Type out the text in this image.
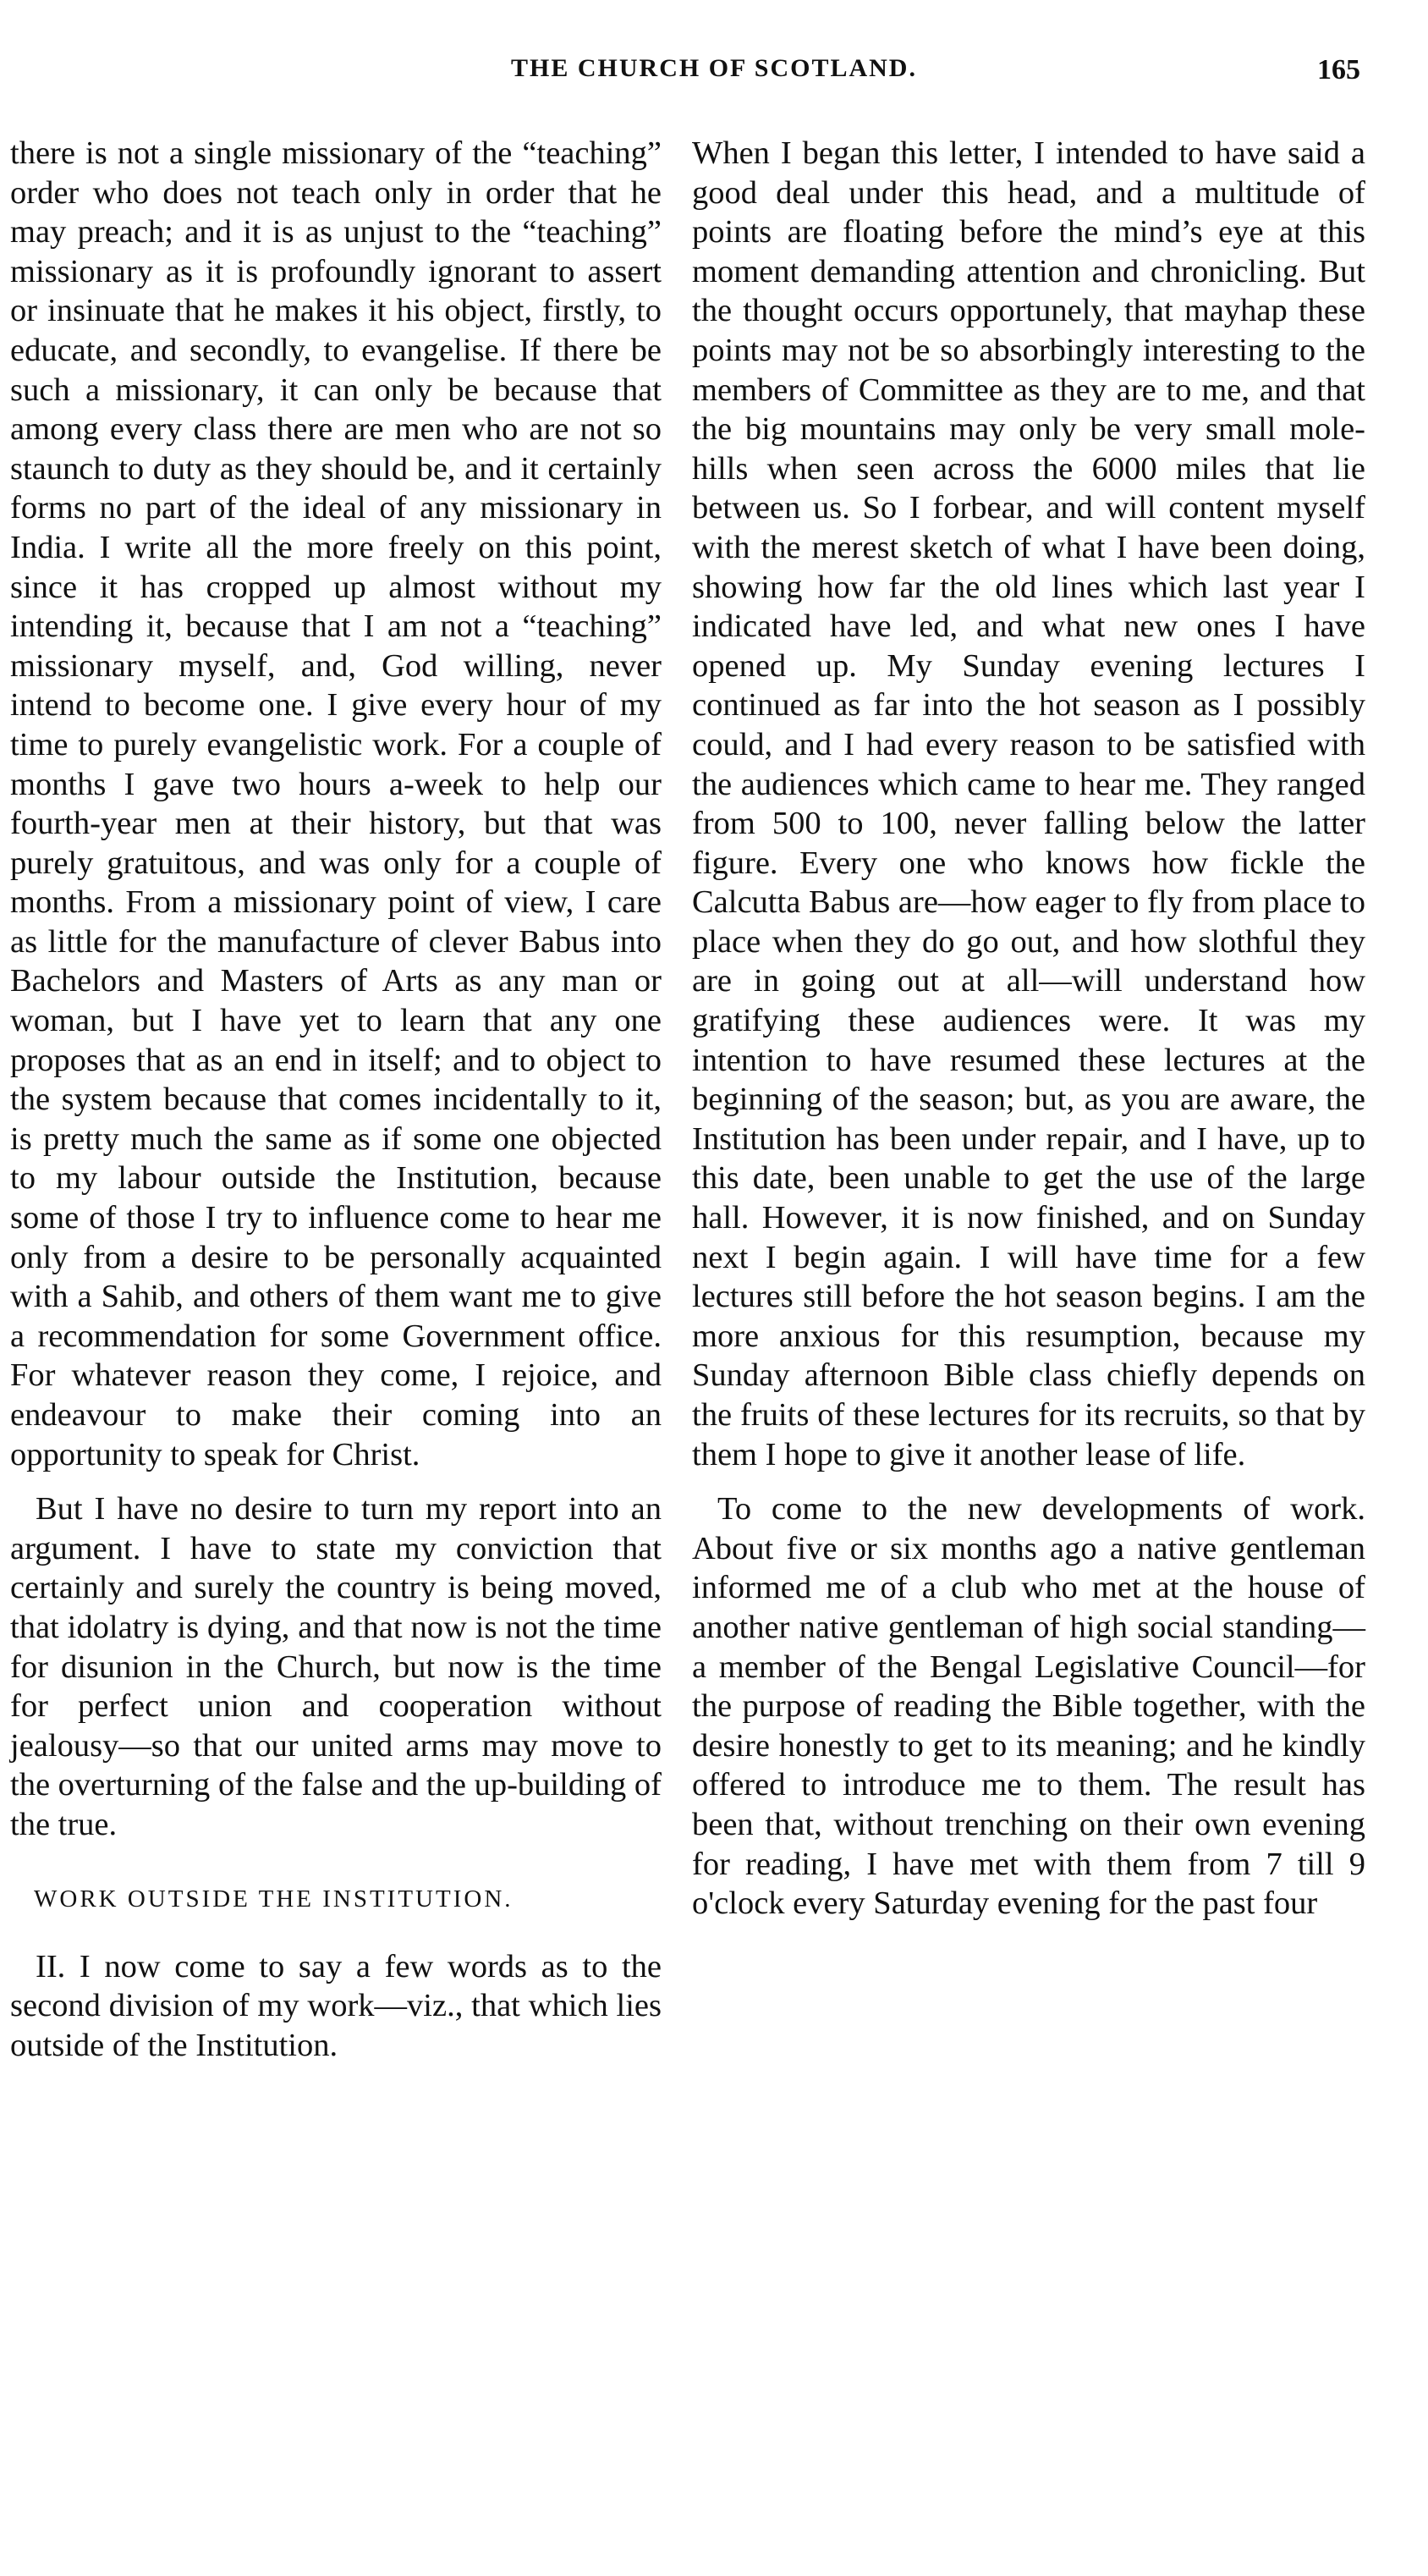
THE CHURCH OF SCOTLAND.	165

there is not a single missionary of the “teaching” order who does not teach only in order that he may preach; and it is as unjust to the “teaching” missionary as it is profoundly ignorant to assert or insinuate that he makes it his object, firstly, to educate, and secondly, to evangelise. If there be such a missionary, it can only be because that among every class there are men who are not so staunch to duty as they should be, and it certainly forms no part of the ideal of any missionary in India. I write all the more freely on this point, since it has cropped up almost without my intending it, because that I am not a “teaching” missionary myself, and, God willing, never intend to become one. I give every hour of my time to purely evangelistic work. For a couple of months I gave two hours a-week to help our fourth-year men at their history, but that was purely gratuitous, and was only for a couple of months. From a missionary point of view, I care as little for the manufacture of clever Babus into Bachelors and Masters of Arts as any man or woman, but I have yet to learn that any one proposes that as an end in itself; and to object to the system because that comes incidentally to it, is pretty much the same as if some one objected to my labour outside the Institution, because some of those I try to influence come to hear me only from a desire to be personally acquainted with a Sahib, and others of them want me to give a recommendation for some Government office. For whatever reason they come, I rejoice, and endeavour to make their coming into an opportunity to speak for Christ.

But I have no desire to turn my report into an argument. I have to state my conviction that certainly and surely the country is being moved, that idolatry is dying, and that now is not the time for disunion in the Church, but now is the time for perfect union and cooperation without jealousy—so that our united arms may move to the overturning of the false and the up-building of the true.

WORK OUTSIDE THE INSTITUTION.

II. I now come to say a few words as to the second division of my work—viz., that which lies outside of the Institution.

When I began this letter, I intended to have said a good deal under this head, and a multitude of points are floating before the mind’s eye at this moment demanding attention and chronicling. But the thought occurs opportunely, that mayhap these points may not be so absorbingly interesting to the members of Committee as they are to me, and that the big mountains may only be very small mole-hills when seen across the 6000 miles that lie between us. So I forbear, and will content myself with the merest sketch of what I have been doing, showing how far the old lines which last year I indicated have led, and what new ones I have opened up. My Sunday evening lectures I continued as far into the hot season as I possibly could, and I had every reason to be satisfied with the audiences which came to hear me. They ranged from 500 to 100, never falling below the latter figure. Every one who knows how fickle the Calcutta Babus are—how eager to fly from place to place when they do go out, and how slothful they are in going out at all—will understand how gratifying these audiences were. It was my intention to have resumed these lectures at the beginning of the season; but, as you are aware, the Institution has been under repair, and I have, up to this date, been unable to get the use of the large hall. However, it is now finished, and on Sunday next I begin again. I will have time for a few lectures still before the hot season begins. I am the more anxious for this resumption, because my Sunday afternoon Bible class chiefly depends on the fruits of these lectures for its recruits, so that by them I hope to give it another lease of life.

To come to the new developments of work. About five or six months ago a native gentleman informed me of a club who met at the house of another native gentleman of high social standing—a member of the Bengal Legislative Council—for the purpose of reading the Bible together, with the desire honestly to get to its meaning; and he kindly offered to introduce me to them. The result has been that, without trenching on their own evening for reading, I have met with them from 7 till 9 o'clock every Saturday evening for the past four
